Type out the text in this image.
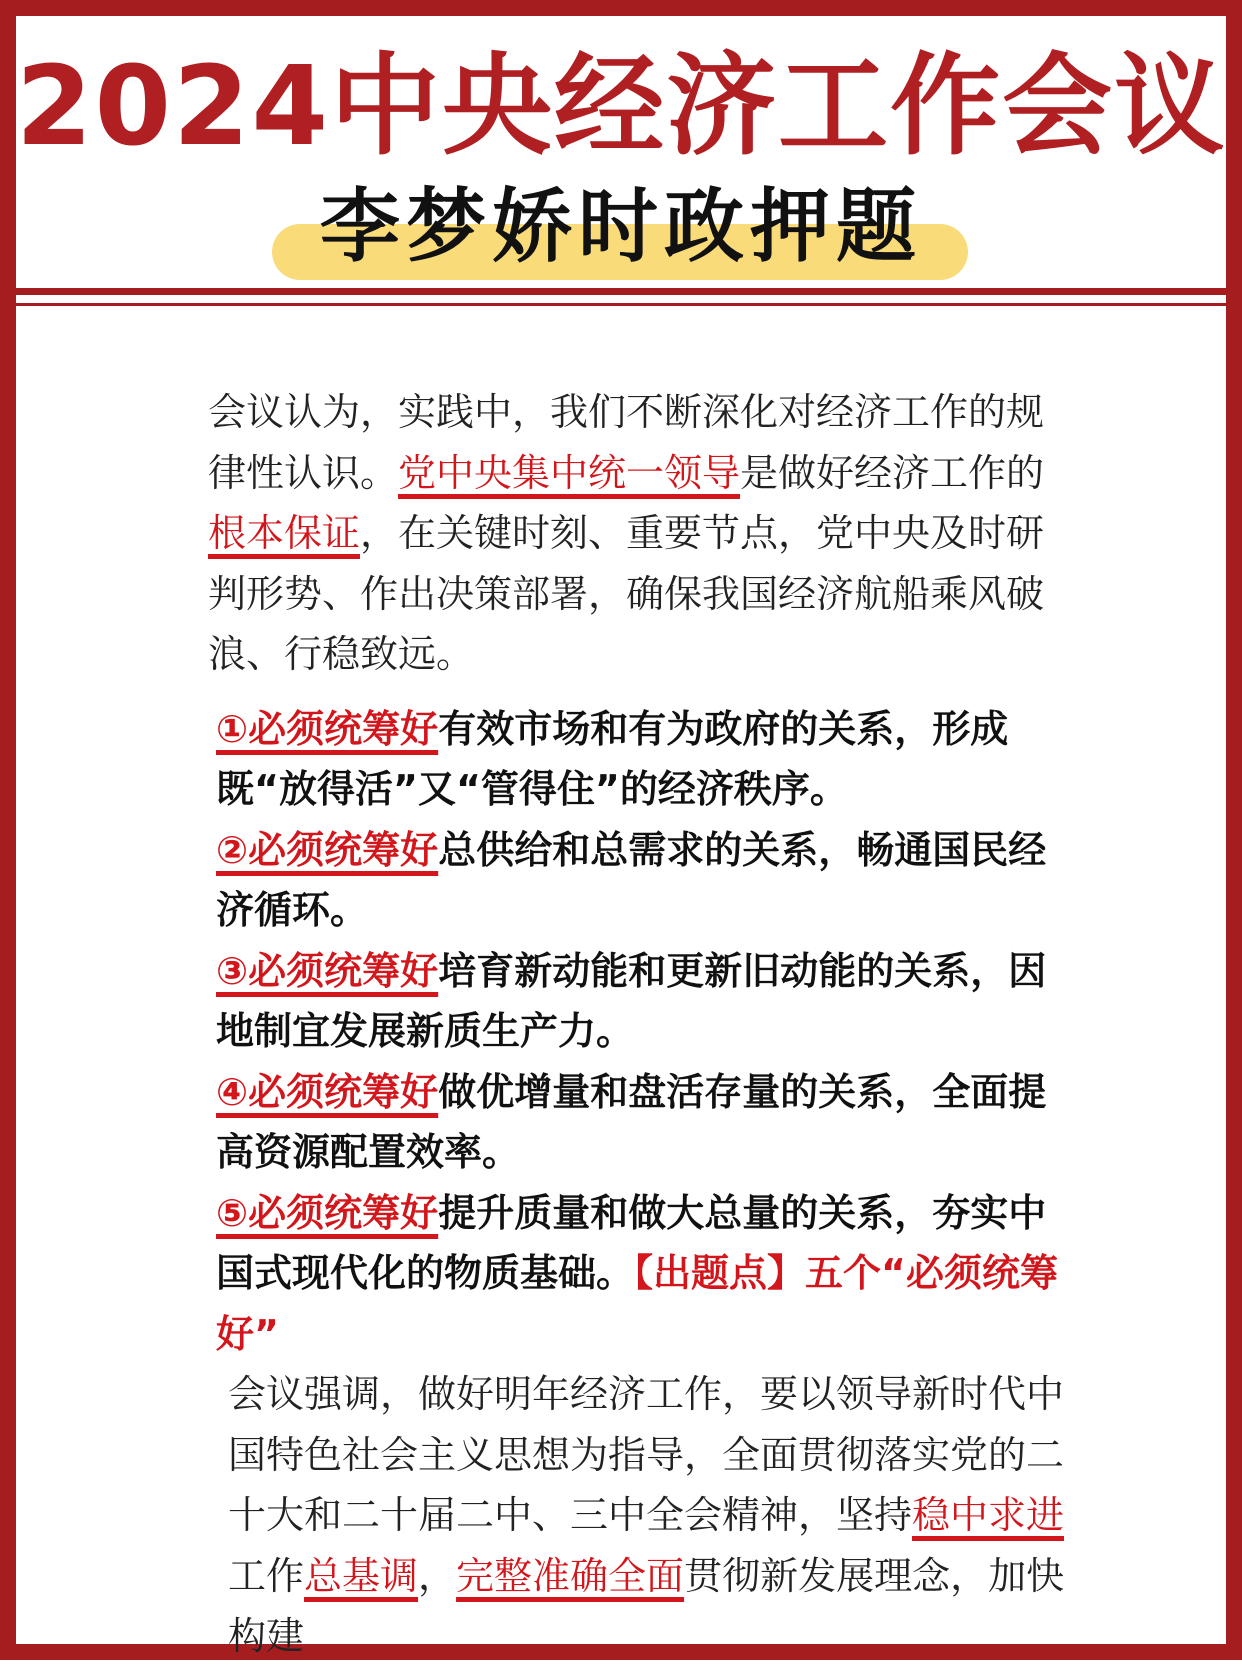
2024中央经济工作会议
李梦娇时政押题

会议认为，实践中，我们不断深化对经济工作的规律性认识。党中央集中统一领导是做好经济工作的根本保证，在关键时刻、重要节点，党中央及时研判形势、作出决策部署，确保我国经济航船乘风破浪、行稳致远。

①必须统筹好有效市场和有为政府的关系，形成既“放得活”又“管得住”的经济秩序。

②必须统筹好总供给和总需求的关系，畅通国民经济循环。

③必须统筹好培育新动能和更新旧动能的关系，因地制宜发展新质生产力。

④必须统筹好做优增量和盘活存量的关系，全面提高资源配置效率。

⑤必须统筹好提升质量和做大总量的关系，夯实中国式现代化的物质基础。【出题点】五个“必须统筹好”

会议强调，做好明年经济工作，要以领导新时代中国特色社会主义思想为指导，全面贯彻落实党的二十大和二十届二中、三中全会精神，坚持稳中求进工作总基调，完整准确全面贯彻新发展理念，加快构建
